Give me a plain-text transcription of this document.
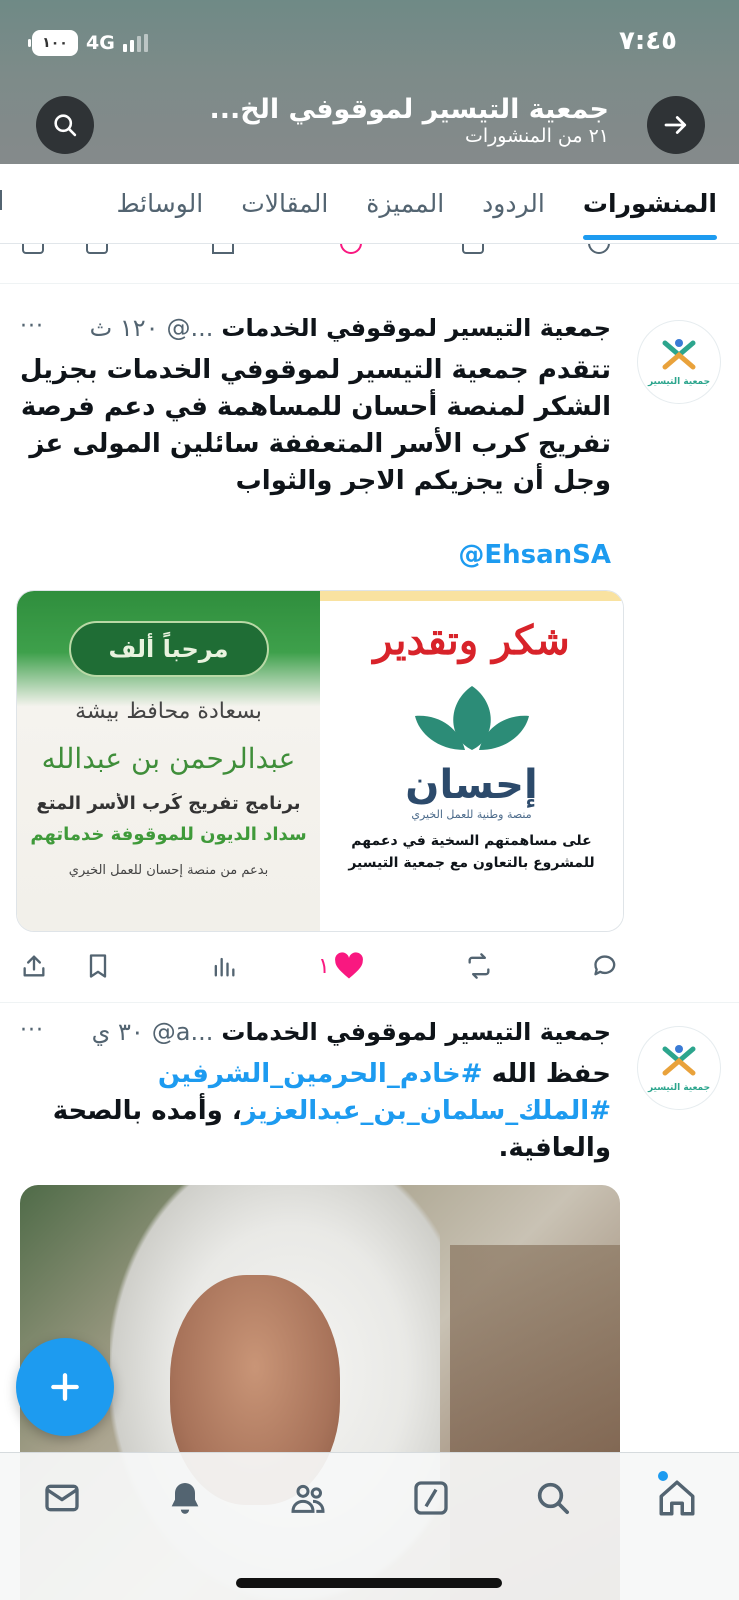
١٠٠ 4G	٧:٤٥
جمعية التيسير لموقوفي الخ...
٢١ من المنشورات
المنشورات
الردود
المميزة
المقالات
الوسائط
جمعية التيسير
جمعية التيسير لموقوفي الخدمات
...@
١٢٠ ث
···
تتقدم جمعية التيسير لموقوفي الخدمات بجزيل الشكر لمنصة أحسان للمساهمة في دعم فرصة تفريج كرب الأسر المتعففة سائلين المولى عز وجل أن يجزيكم الاجر والثواب
@EhsanSA
شكر وتقدير
إحسان
منصة وطنية للعمل الخيري
على مساهمتهم السخية في دعمهم
للمشروع بالتعاون مع جمعية التيسير
مرحباً ألف
بسعادة محافظ بيشة
عبدالرحمن بن عبدالله
برنامج تفريج كُرب الأُسر المتع
سداد الديون للموقوفة خدماتهم
بدعم من منصة إحسان للعمل الخيري
١
جمعية التيسير
جمعية التيسير لموقوفي الخدمات
...a@
٣٠ ي
···
حفظ الله #خادم_الحرمين_الشرفين #الملك_سلمان_بن_عبدالعزيز، وأمده بالصحة والعافية.
